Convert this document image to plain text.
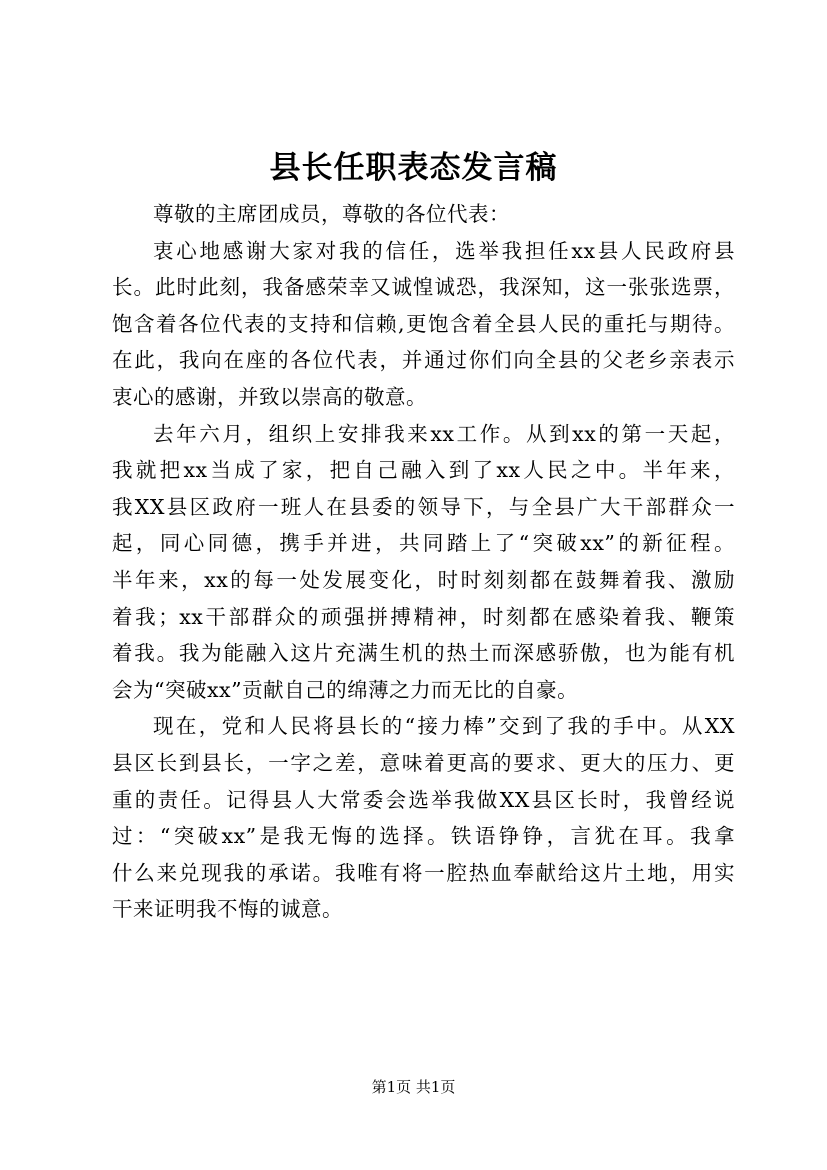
县长任职表态发言稿
尊敬的主席团成员，尊敬的各位代表：
衷心地感谢大家对我的信任，选举我担任xx县人民政府县
长。此时此刻，我备感荣幸又诚惶诚恐，我深知，这一张张选票，
饱含着各位代表的支持和信赖,更饱含着全县人民的重托与期待。
在此，我向在座的各位代表，并通过你们向全县的父老乡亲表示
衷心的感谢，并致以崇高的敬意。
去年六月，组织上安排我来xx工作。从到xx的第一天起，
我就把xx当成了家，把自己融入到了xx人民之中。半年来，
我XX县区政府一班人在县委的领导下，与全县广大干部群众一
起，同心同德，携手并进，共同踏上了“突破xx”的新征程。
半年来，xx的每一处发展变化，时时刻刻都在鼓舞着我、激励
着我；xx干部群众的顽强拼搏精神，时刻都在感染着我、鞭策
着我。我为能融入这片充满生机的热土而深感骄傲，也为能有机
会为“突破xx”贡献自己的绵薄之力而无比的自豪。
现在，党和人民将县长的“接力棒”交到了我的手中。从XX
县区长到县长，一字之差，意味着更高的要求、更大的压力、更
重的责任。记得县人大常委会选举我做XX县区长时，我曾经说
过：“突破xx”是我无悔的选择。铁语铮铮，言犹在耳。我拿
什么来兑现我的承诺。我唯有将一腔热血奉献给这片土地，用实
干来证明我不悔的诚意。
第1页 共1页
